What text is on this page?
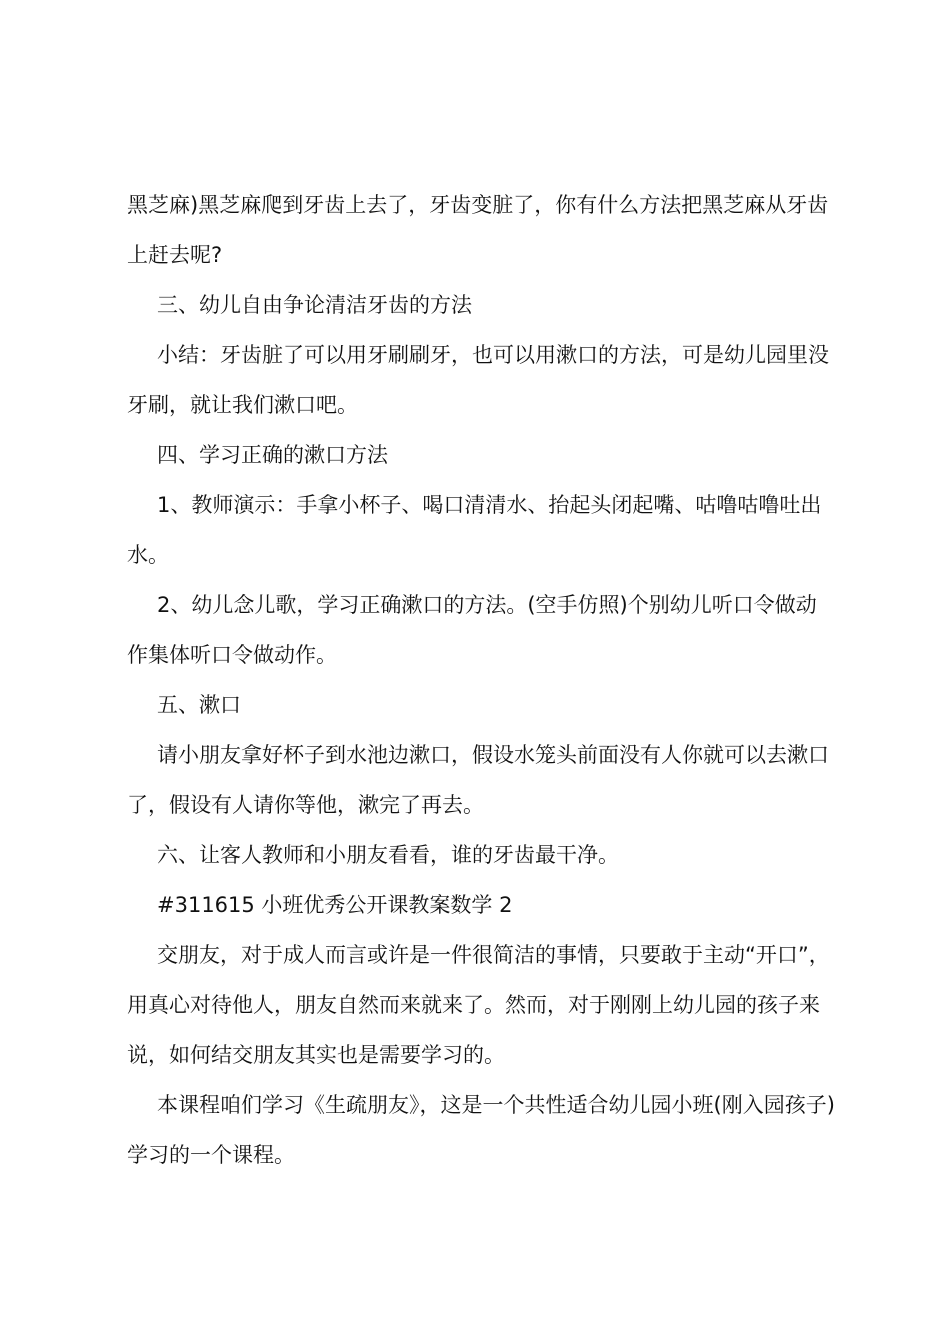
黑芝麻)黑芝麻爬到牙齿上去了，牙齿变脏了，你有什么方法把黑芝麻从牙齿上赶去呢?

三、幼儿自由争论清洁牙齿的方法

小结：牙齿脏了可以用牙刷刷牙，也可以用漱口的方法，可是幼儿园里没牙刷，就让我们漱口吧。

四、学习正确的漱口方法

1、教师演示：手拿小杯子、喝口清清水、抬起头闭起嘴、咕噜咕噜吐出水。

2、幼儿念儿歌，学习正确漱口的方法。(空手仿照)个别幼儿听口令做动作集体听口令做动作。

五、漱口

请小朋友拿好杯子到水池边漱口，假设水笼头前面没有人你就可以去漱口了，假设有人请你等他，漱完了再去。

六、让客人教师和小朋友看看，谁的牙齿最干净。

#311615 小班优秀公开课教案数学 2

交朋友，对于成人而言或许是一件很简洁的事情，只要敢于主动“开口”，用真心对待他人，朋友自然而来就来了。然而，对于刚刚上幼儿园的孩子来说，如何结交朋友其实也是需要学习的。

本课程咱们学习《生疏朋友》，这是一个共性适合幼儿园小班(刚入园孩子)学习的一个课程。
